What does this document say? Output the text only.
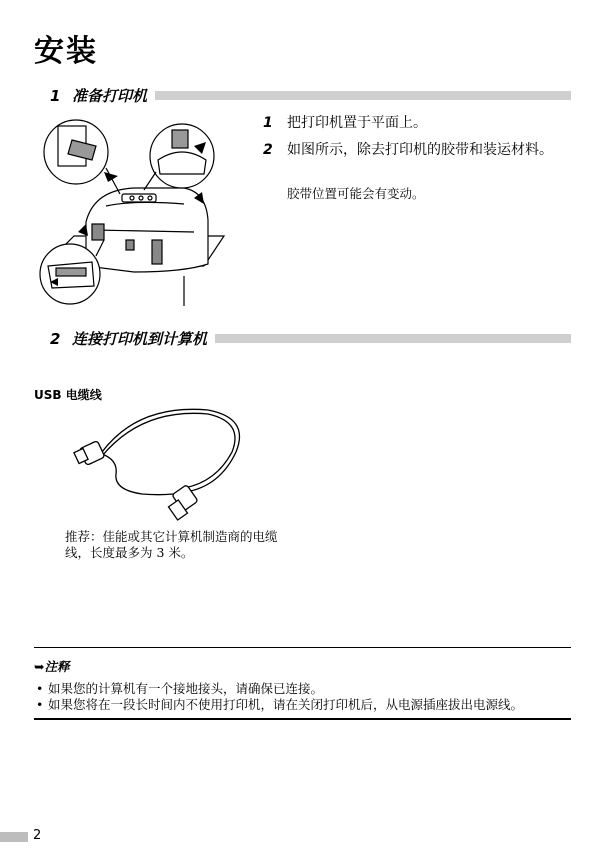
安装
1 准备打印机
1 把打印机置于平面上。
2 如图所示，除去打印机的胶带和装运材料。
胶带位置可能会有变动。
2 连接打印机到计算机
USB 电缆线
推荐：佳能或其它计算机制造商的电缆线，长度最多为 3 米。
➥注释
• 如果您的计算机有一个接地接头，请确保已连接。
• 如果您将在一段长时间内不使用打印机，请在关闭打印机后，从电源插座拔出电源线。
2
